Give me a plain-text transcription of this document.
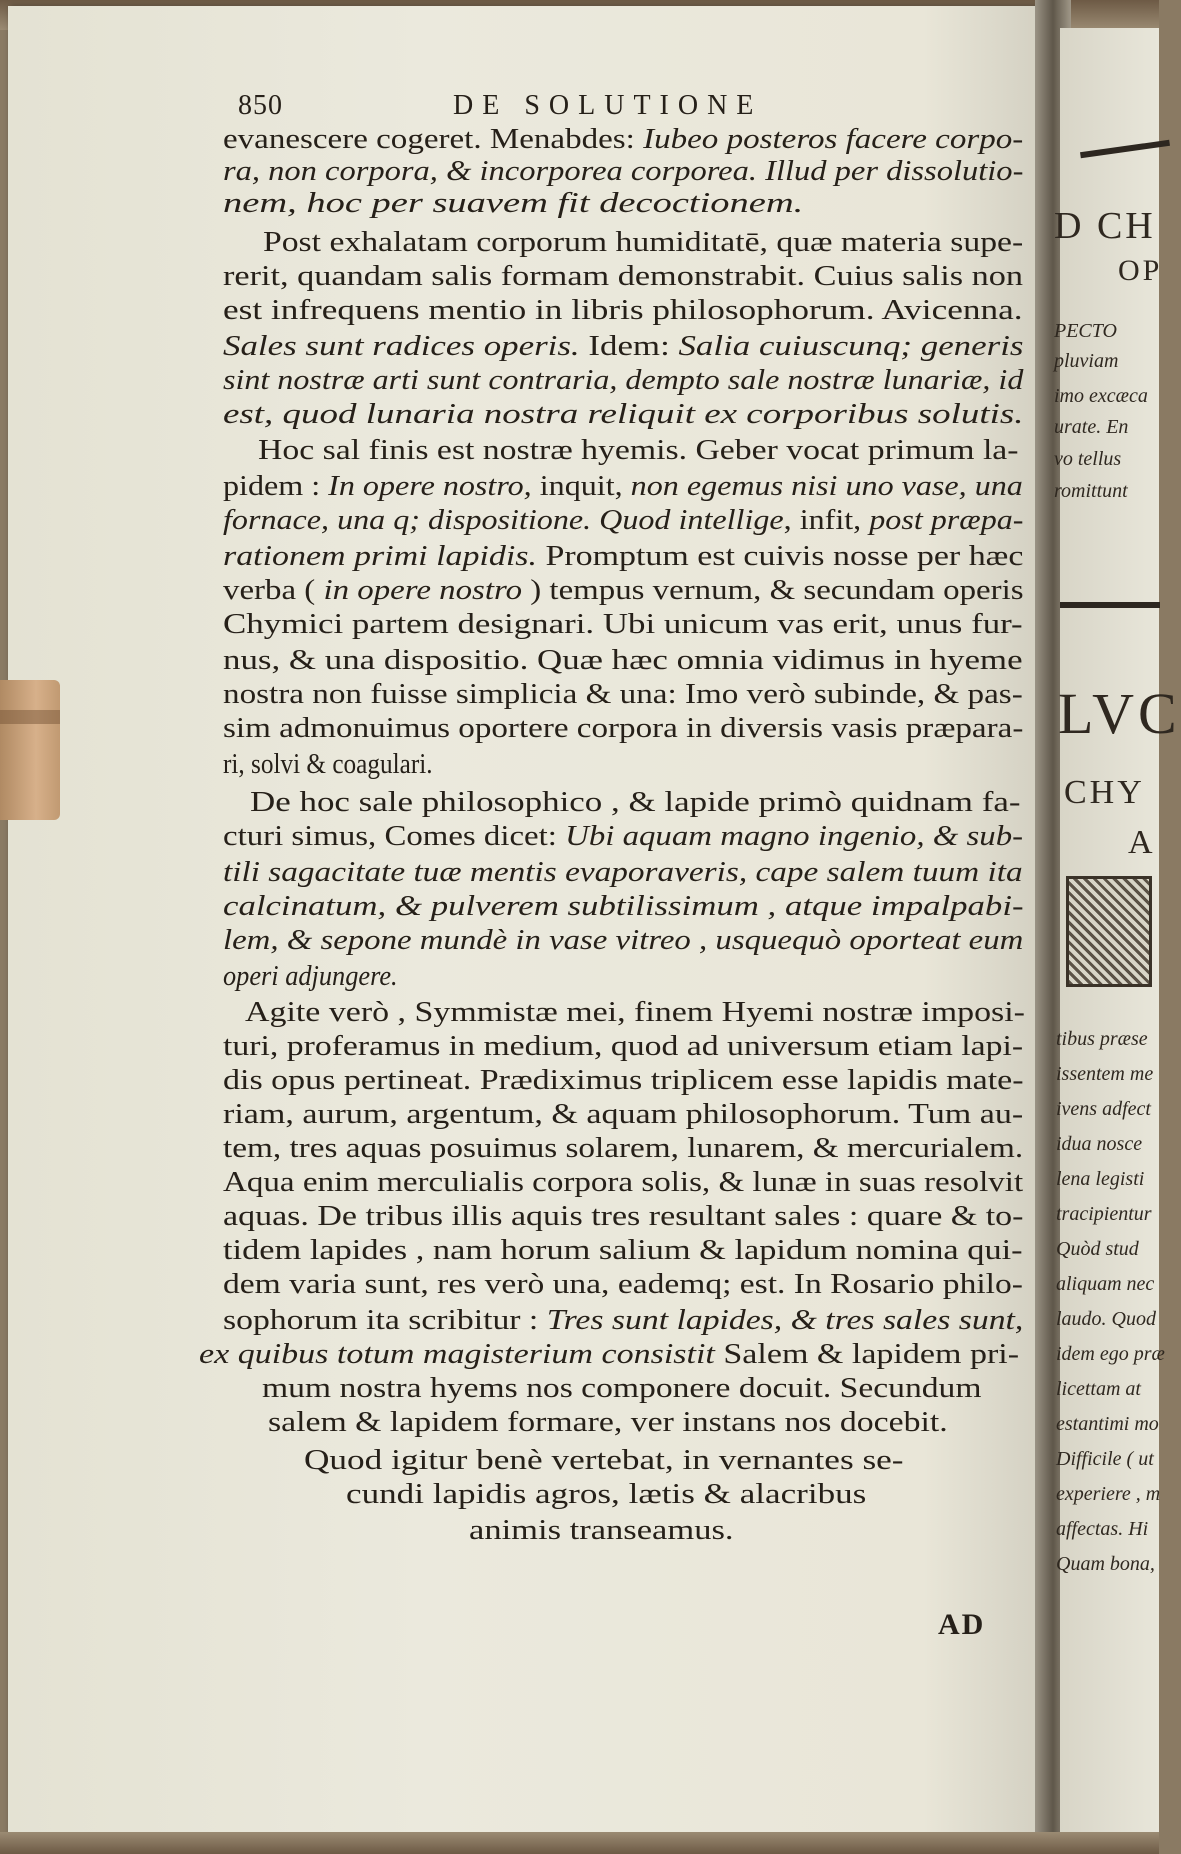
850	DE SOLUTIONE
evanescere cogeret. Menabdes: Iubeo posteros facere corpo-
ra, non corpora, & incorporea corporea. Illud per dissolutio-
nem, hoc per suavem fit decoctionem.
Post exhalatam corporum humiditatē, quæ materia supe-
rerit, quandam salis formam demonstrabit. Cuius salis non
est infrequens mentio in libris philosophorum. Avicenna.
Sales sunt radices operis. Idem: Salia cuiuscunq; generis
sint nostræ arti sunt contraria, dempto sale nostræ lunariæ, id
est, quod lunaria nostra reliquit ex corporibus solutis.
Hoc sal finis est nostræ hyemis. Geber vocat primum la-
pidem : In opere nostro, inquit, non egemus nisi uno vase, una
fornace, una q; dispositione. Quod intellige, infit, post præpa-
rationem primi lapidis. Promptum est cuivis nosse per hæc
verba ( in opere nostro ) tempus vernum, & secundam operis
Chymici partem designari. Ubi unicum vas erit, unus fur-
nus, & una dispositio. Quæ hæc omnia vidimus in hyeme
nostra non fuisse simplicia & una: Imo verò subinde, & pas-
sim admonuimus oportere corpora in diversis vasis præpara-
ri, solvi & coagulari.
De hoc sale philosophico , & lapide primò quidnam fa-
cturi simus, Comes dicet: Ubi aquam magno ingenio, & sub-
tili sagacitate tuæ mentis evaporaveris, cape salem tuum ita
calcinatum, & pulverem subtilissimum , atque impalpabi-
lem, & sepone mundè in vase vitreo , usquequò oporteat eum
operi adjungere.
Agite verò , Symmistæ mei, finem Hyemi nostræ imposi-
turi, proferamus in medium, quod ad universum etiam lapi-
dis opus pertineat. Prædiximus triplicem esse lapidis mate-
riam, aurum, argentum, & aquam philosophorum. Tum au-
tem, tres aquas posuimus solarem, lunarem, & mercurialem.
Aqua enim merculialis corpora solis, & lunæ in suas resolvit
aquas. De tribus illis aquis tres resultant sales : quare & to-
tidem lapides , nam horum salium & lapidum nomina qui-
dem varia sunt, res verò una, eademq; est. In Rosario philo-
sophorum ita scribitur : Tres sunt lapides, & tres sales sunt,
ex quibus totum magisterium consistit Salem & lapidem pri-
mum nostra hyems nos componere docuit. Secundum
salem & lapidem formare, ver instans nos docebit.
Quod igitur benè vertebat, in vernantes se-
cundi lapidis agros, lætis & alacribus
animis transeamus.
AD
D CH
OP
PECTO
pluviam
imo excæca
urate. En
vo tellus
romittunt
LVC
CHY
A
tibus præse
issentem me
ivens adfect
idua nosce
lena legisti
tracipientur
Quòd stud
aliquam nec
laudo. Quod
idem ego præ
licettam at
estantimi mo
Difficile ( ut
experiere , m
affectas. Hi
Quam bona,
